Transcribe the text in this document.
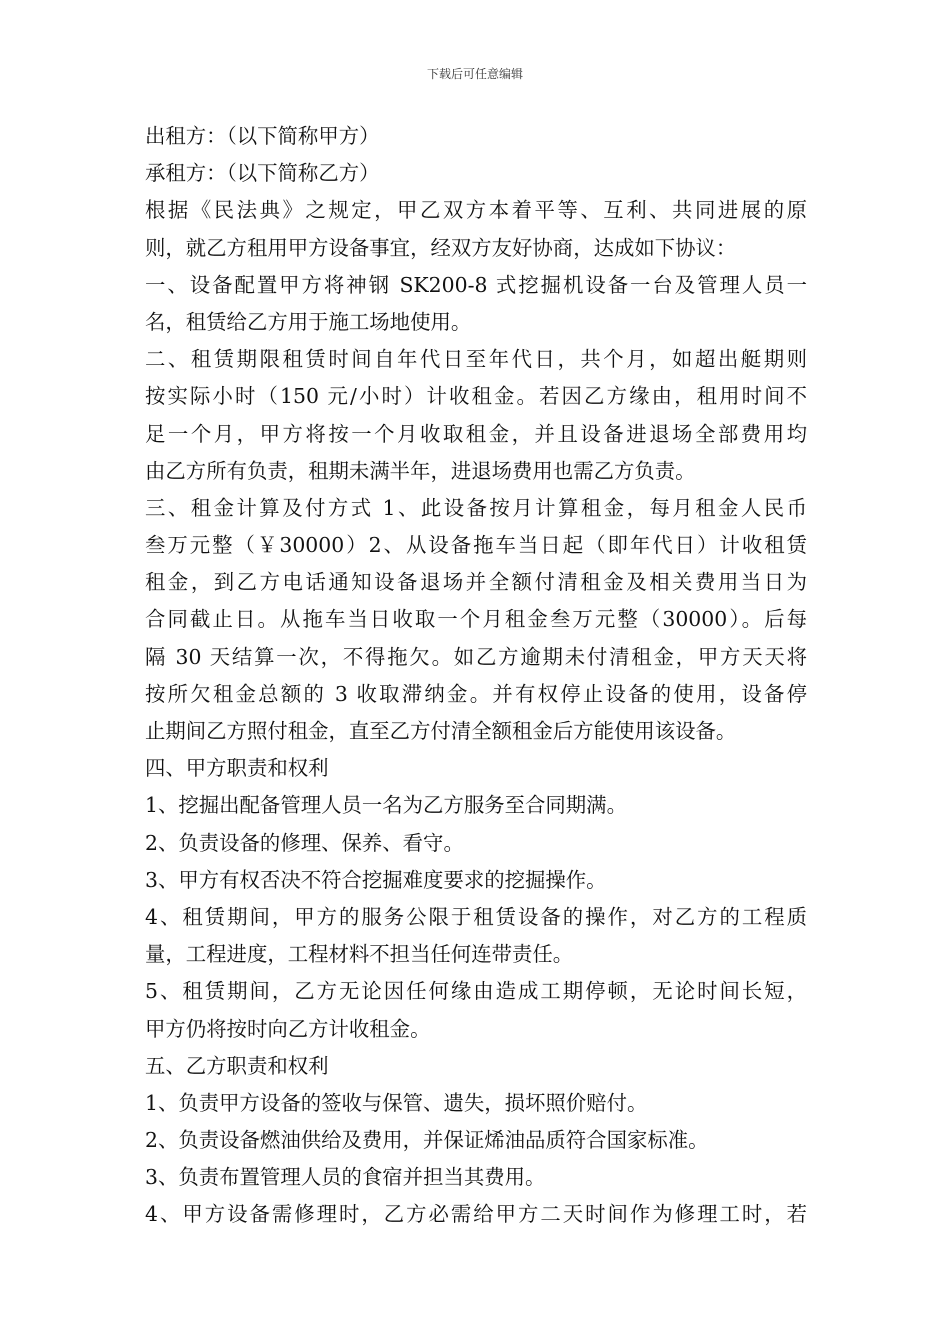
下载后可任意编辑
出租方：（以下简称甲方）
承租方：（以下简称乙方）
根据《民法典》之规定，甲乙双方本着平等、互利、共同进展的原
则，就乙方租用甲方设备事宜，经双方友好协商，达成如下协议：
一、设备配置甲方将神钢 SK200-8 式挖掘机设备一台及管理人员一
名，租赁给乙方用于施工场地使用。
二、租赁期限租赁时间自年代日至年代日，共个月，如超出艇期则
按实际小时（150 元/小时）计收租金。若因乙方缘由，租用时间不
足一个月，甲方将按一个月收取租金，并且设备进退场全部费用均
由乙方所有负责，租期未满半年，进退场费用也需乙方负责。
三、租金计算及付方式 1、此设备按月计算租金，每月租金人民币
叁万元整（￥30000）2、从设备拖车当日起（即年代日）计收租赁
租金，到乙方电话通知设备退场并全额付清租金及相关费用当日为
合同截止日。从拖车当日收取一个月租金叁万元整（30000）。后每
隔 30 天结算一次，不得拖欠。如乙方逾期未付清租金，甲方天天将
按所欠租金总额的 3 收取滞纳金。并有权停止设备的使用，设备停
止期间乙方照付租金，直至乙方付清全额租金后方能使用该设备。
四、甲方职责和权利
1、挖掘出配备管理人员一名为乙方服务至合同期满。
2、负责设备的修理、保养、看守。
3、甲方有权否决不符合挖掘难度要求的挖掘操作。
4、租赁期间，甲方的服务公限于租赁设备的操作，对乙方的工程质
量，工程进度，工程材料不担当任何连带责任。
5、租赁期间，乙方无论因任何缘由造成工期停顿，无论时间长短，
甲方仍将按时向乙方计收租金。
五、乙方职责和权利
1、负责甲方设备的签收与保管、遗失，损坏照价赔付。
2、负责设备燃油供给及费用，并保证烯油品质符合国家标准。
3、负责布置管理人员的食宿并担当其费用。
4、甲方设备需修理时，乙方必需给甲方二天时间作为修理工时，若
